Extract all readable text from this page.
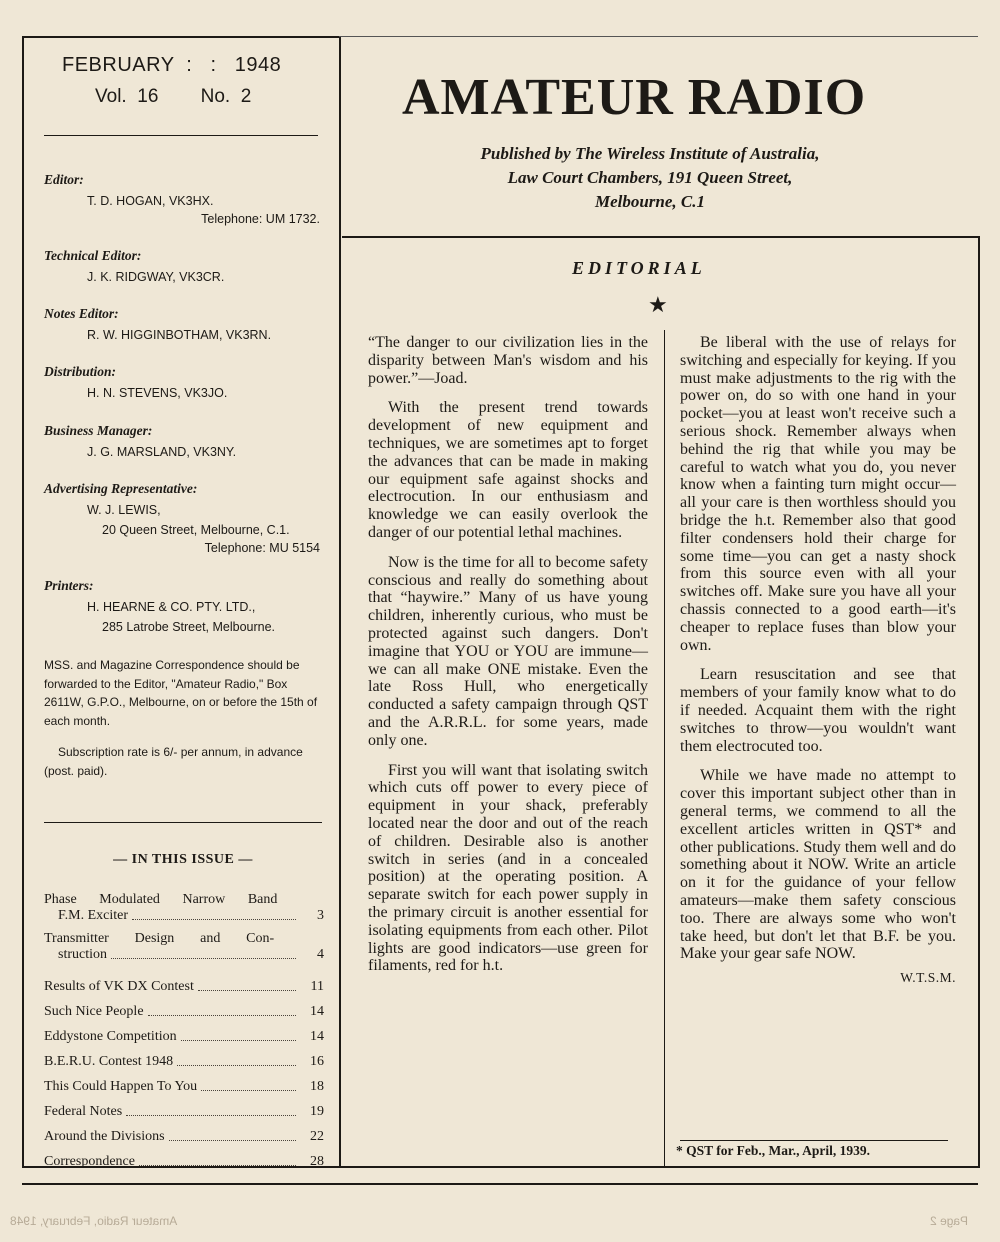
FEBRUARY  :   :   1948
Vol.  16        No.  2
Editor:
T. D. HOGAN, VK3HX.
Telephone: UM 1732.
Technical Editor:
J. K. RIDGWAY, VK3CR.
Notes Editor:
R. W. HIGGINBOTHAM, VK3RN.
Distribution:
H. N. STEVENS, VK3JO.
Business Manager:
J. G. MARSLAND, VK3NY.
Advertising Representative:
W. J. LEWIS,
20 Queen Street, Melbourne, C.1.
Telephone: MU 5154
Printers:
H. HEARNE & CO. PTY. LTD.,
285 Latrobe Street, Melbourne.
MSS. and Magazine Correspondence should be forwarded to the Editor, "Amateur Radio," Box 2611W, G.P.O., Melbourne, on or before the 15th of each month.
Subscription rate is 6/- per annum, in advance (post. paid).
— IN THIS ISSUE —
Phase Modulated Narrow Band
F.M. Exciter	3
Transmitter Design and Con-
struction	4
Results of VK DX Contest	11
Such Nice People	14
Eddystone Competition	14
B.E.R.U. Contest 1948	16
This Could Happen To You	18
Federal Notes	19
Around the Divisions	22
Correspondence	28
AMATEUR RADIO
Published by The Wireless Institute of Australia,
Law Court Chambers, 191 Queen Street,
Melbourne, C.1
EDITORIAL
★

“The danger to our civilization lies in the disparity between Man's wisdom and his power.”—Joad.

With the present trend towards development of new equipment and techniques, we are sometimes apt to forget the advances that can be made in making our equipment safe against shocks and electrocution. In our enthusiasm and knowledge we can easily overlook the danger of our potential lethal machines.

Now is the time for all to become safety conscious and really do something about that “haywire.” Many of us have young children, inherently curious, who must be protected against such dangers. Don't imagine that YOU or YOU are immune—we can all make ONE mistake. Even the late Ross Hull, who energetically conducted a safety campaign through QST and the A.R.R.L. for some years, made only one.

First you will want that isolating switch which cuts off power to every piece of equipment in your shack, preferably located near the door and out of the reach of children. Desirable also is another switch in series (and in a concealed position) at the operating position. A separate switch for each power supply in the primary circuit is another essential for isolating equipments from each other. Pilot lights are good indicators—use green for filaments, red for h.t.

Be liberal with the use of relays for switching and especially for keying. If you must make adjustments to the rig with the power on, do so with one hand in your pocket—you at least won't receive such a serious shock. Remember always when behind the rig that while you may be careful to watch what you do, you never know when a fainting turn might occur—all your care is then worthless should you bridge the h.t. Remember also that good filter condensers hold their charge for some time—you can get a nasty shock from this source even with all your switches off. Make sure you have all your chassis connected to a good earth—it's cheaper to replace fuses than blow your own.

Learn resuscitation and see that members of your family know what to do if needed. Acquaint them with the right switches to throw—you wouldn't want them electrocuted too.

While we have made no attempt to cover this important subject other than in general terms, we commend to all the excellent articles written in QST* and other publications. Study them well and do something about it NOW. Write an article on it for the guidance of your fellow amateurs—make them safety conscious too. There are always some who won't take heed, but don't let that B.F. be you. Make your gear safe NOW.

W.T.S.M.
* QST for Feb., Mar., April, 1939.
Amateur Radio, February, 1948	Page 2
